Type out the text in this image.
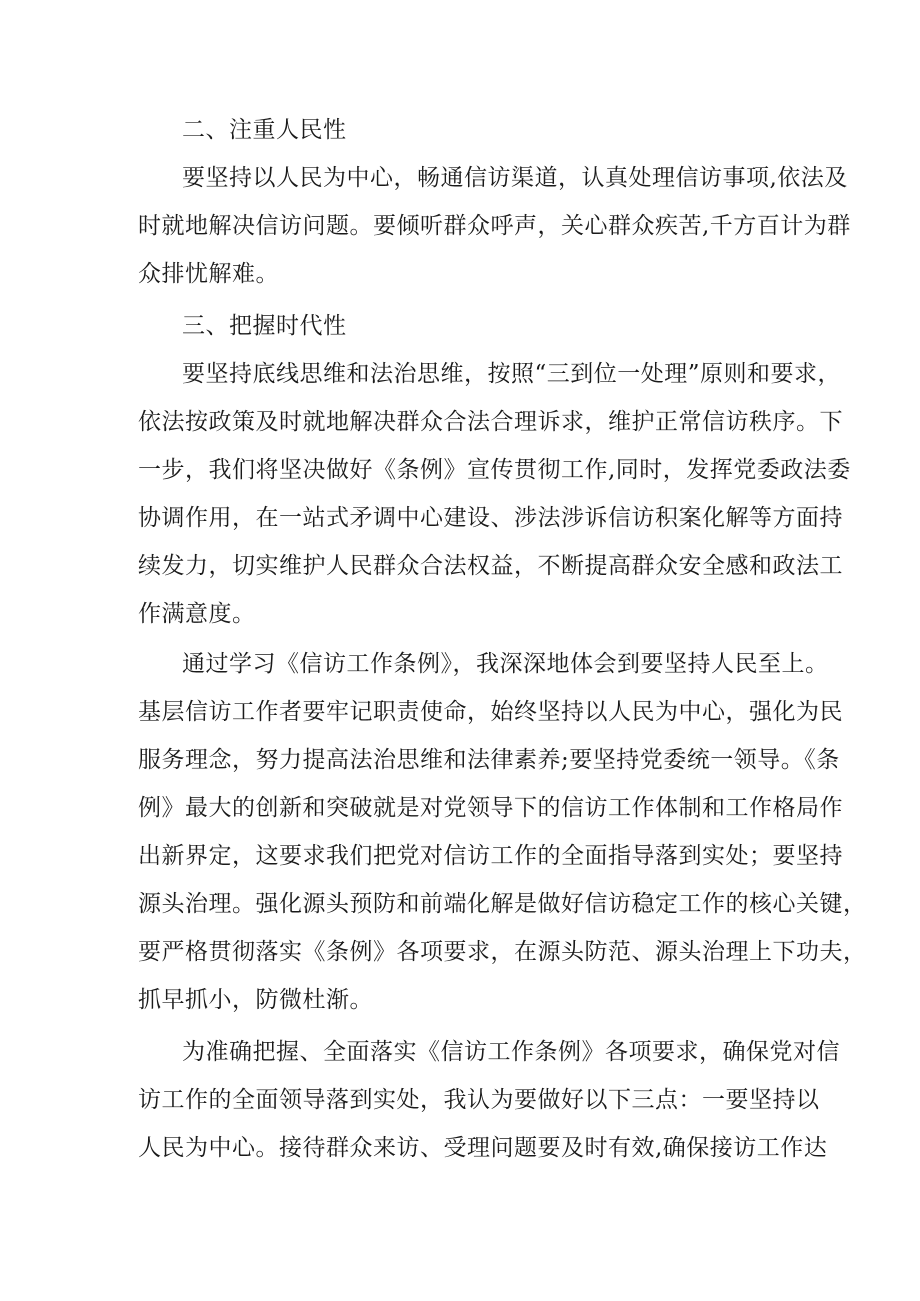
二、注重人民性
要坚持以人民为中心，畅通信访渠道，认真处理信访事项,依法及
时就地解决信访问题。要倾听群众呼声，关心群众疾苦,千方百计为群
众排忧解难。
三、把握时代性
要坚持底线思维和法治思维，按照“三到位一处理”原则和要求，
依法按政策及时就地解决群众合法合理诉求，维护正常信访秩序。下
一步，我们将坚决做好《条例》宣传贯彻工作,同时，发挥党委政法委
协调作用，在一站式矛调中心建设、涉法涉诉信访积案化解等方面持
续发力，切实维护人民群众合法权益，不断提高群众安全感和政法工
作满意度。
通过学习《信访工作条例》，我深深地体会到要坚持人民至上。
基层信访工作者要牢记职责使命，始终坚持以人民为中心，强化为民
服务理念，努力提高法治思维和法律素养;要坚持党委统一领导。《条
例》最大的创新和突破就是对党领导下的信访工作体制和工作格局作
出新界定，这要求我们把党对信访工作的全面指导落到实处；要坚持
源头治理。强化源头预防和前端化解是做好信访稳定工作的核心关键，
要严格贯彻落实《条例》各项要求，在源头防范、源头治理上下功夫，
抓早抓小，防微杜渐。
为准确把握、全面落实《信访工作条例》各项要求，确保党对信
访工作的全面领导落到实处，我认为要做好以下三点：一要坚持以
人民为中心。接待群众来访、受理问题要及时有效,确保接访工作达
